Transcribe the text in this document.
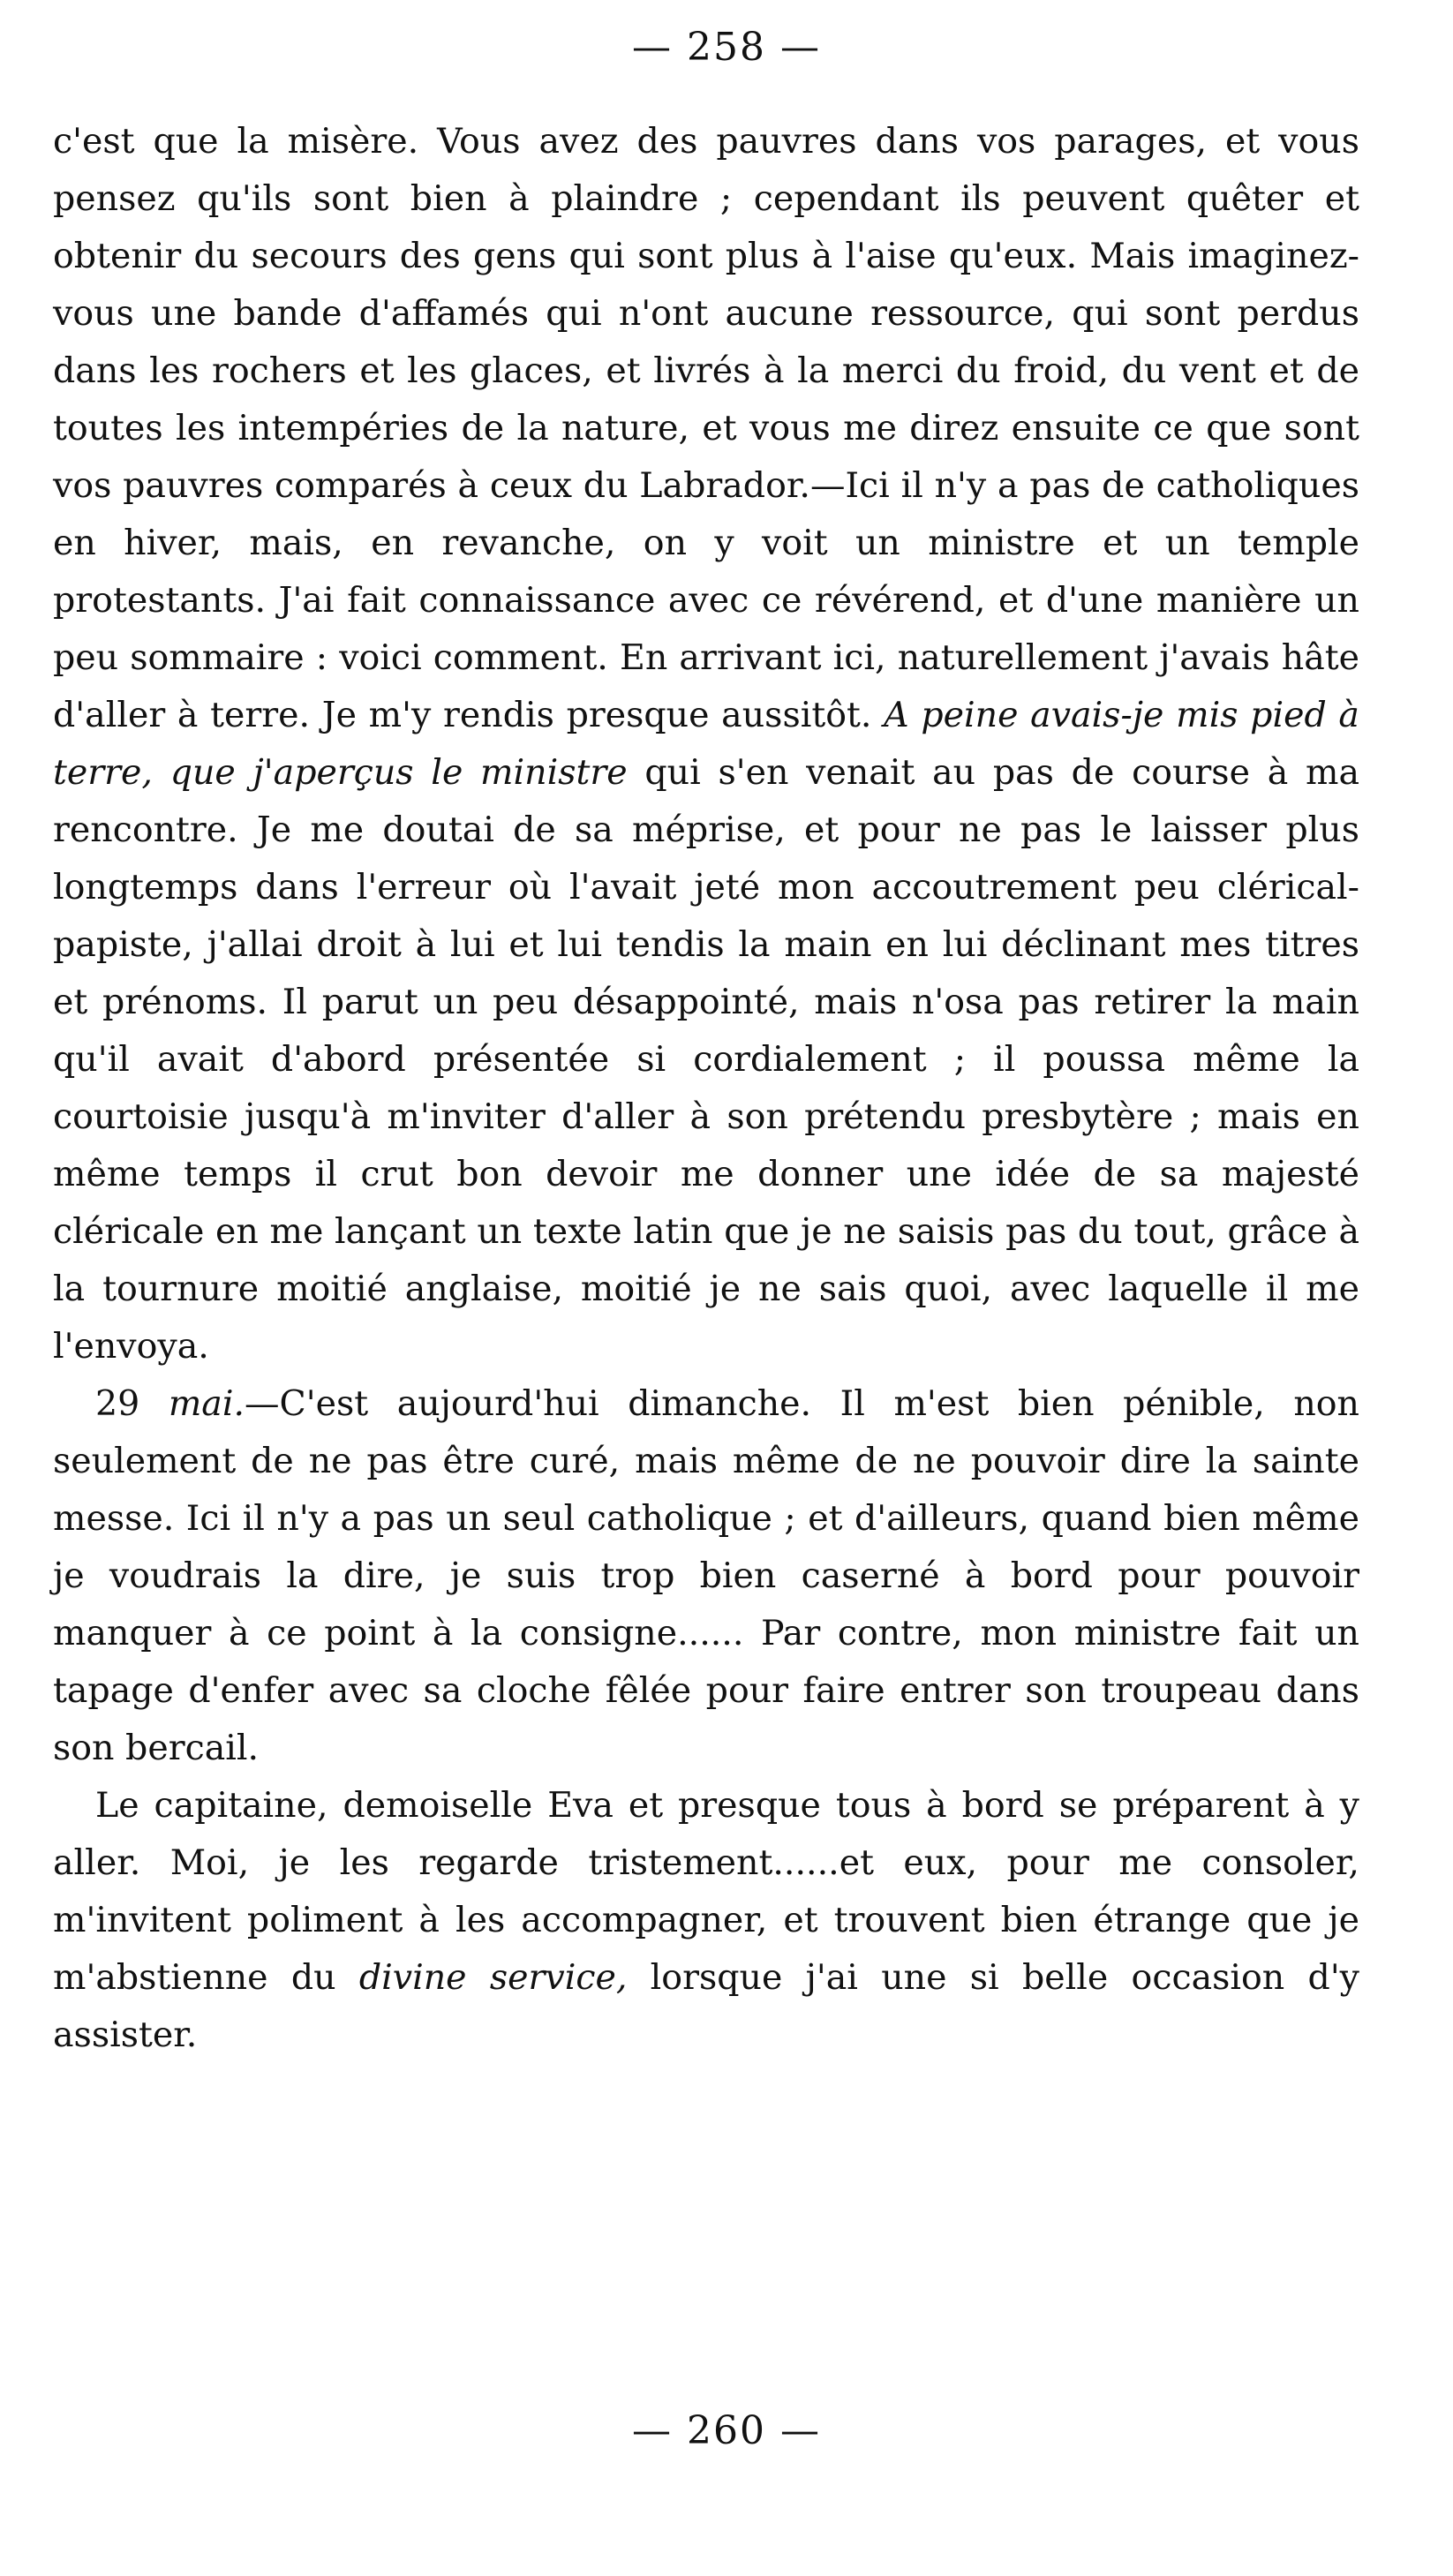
— 258 —

c'est que la misère. Vous avez des pauvres dans vos parages, et vous pensez qu'ils sont bien à plaindre ; cependant ils peuvent quêter et obtenir du secours des gens qui sont plus à l'aise qu'eux. Mais imaginez-vous une bande d'affamés qui n'ont aucune ressource, qui sont perdus dans les rochers et les glaces, et livrés à la merci du froid, du vent et de toutes les intempéries de la nature, et vous me direz ensuite ce que sont vos pauvres comparés à ceux du Labrador.—Ici il n'y a pas de catholiques en hiver, mais, en revanche, on y voit un ministre et un temple protestants. J'ai fait connaissance avec ce révérend, et d'une manière un peu sommaire : voici comment. En arrivant ici, naturellement j'avais hâte d'aller à terre. Je m'y rendis presque aussitôt. A peine avais-je mis pied à terre, que j'aperçus le ministre qui s'en venait au pas de course à ma rencontre. Je me doutai de sa méprise, et pour ne pas le laisser plus longtemps dans l'erreur où l'avait jeté mon accoutrement peu clérical-papiste, j'allai droit à lui et lui tendis la main en lui déclinant mes titres et prénoms. Il parut un peu désappointé, mais n'osa pas retirer la main qu'il avait d'abord présentée si cordialement ; il poussa même la courtoisie jusqu'à m'inviter d'aller à son prétendu presbytère ; mais en même temps il crut bon devoir me donner une idée de sa majesté cléricale en me lançant un texte latin que je ne saisis pas du tout, grâce à la tournure moitié anglaise, moitié je ne sais quoi, avec laquelle il me l'envoya.

29 mai.—C'est aujourd'hui dimanche. Il m'est bien pénible, non seulement de ne pas être curé, mais même de ne pouvoir dire la sainte messe. Ici il n'y a pas un seul catholique ; et d'ailleurs, quand bien même je voudrais la dire, je suis trop bien caserné à bord pour pouvoir manquer à ce point à la consigne...... Par contre, mon ministre fait un tapage d'enfer avec sa cloche fêlée pour faire entrer son troupeau dans son bercail.

Le capitaine, demoiselle Eva et presque tous à bord se préparent à y aller. Moi, je les regarde tristement......et eux, pour me consoler, m'invitent poliment à les accompagner, et trouvent bien étrange que je m'abstienne du divine service, lorsque j'ai une si belle occasion d'y assister.

— 260 —
